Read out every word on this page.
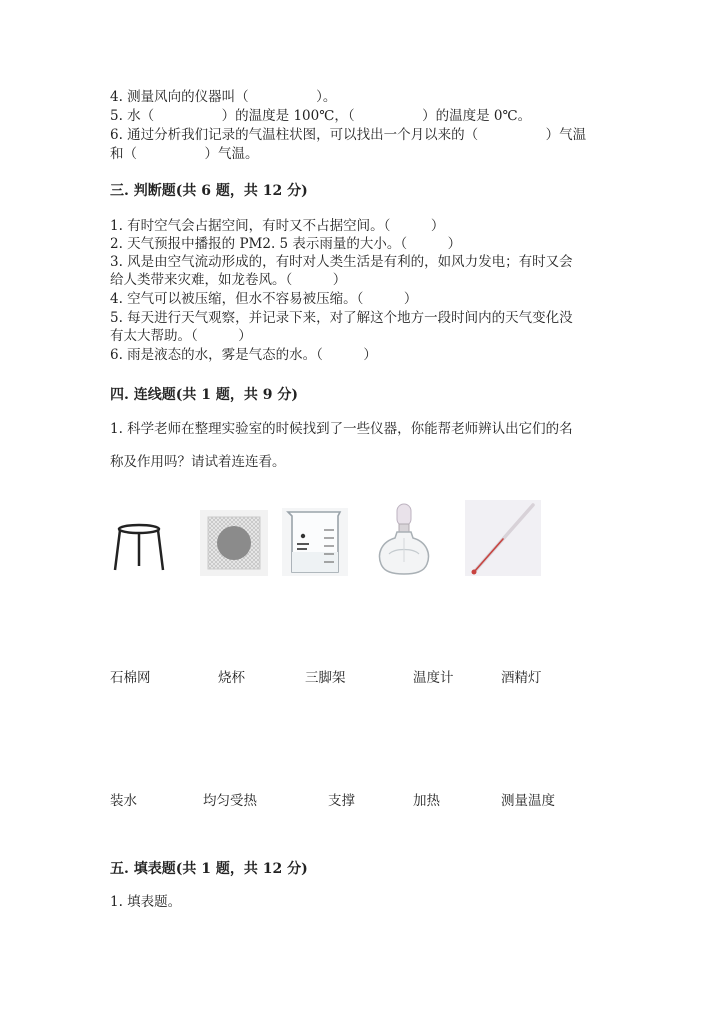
4. 测量风向的仪器叫（　　　　　）。
5. 水（　　　　　）的温度是 100℃，（　　　　　）的温度是 0℃。
6. 通过分析我们记录的气温柱状图，可以找出一个月以来的（　　　　　）气温
和（　　　　　）气温。
三. 判断题(共 6 题，共 12 分)
1. 有时空气会占据空间，有时又不占据空间。（　　　）
2. 天气预报中播报的 PM2. 5 表示雨量的大小。（　　　）
3. 风是由空气流动形成的，有时对人类生活是有利的，如风力发电；有时又会
给人类带来灾难，如龙卷风。（　　　）
4. 空气可以被压缩，但水不容易被压缩。（　　　）
5. 每天进行天气观察，并记录下来，对了解这个地方一段时间内的天气变化没
有太大帮助。（　　　）
6. 雨是液态的水，雾是气态的水。（　　　）
四. 连线题(共 1 题，共 9 分)
1. 科学老师在整理实验室的时候找到了一些仪器，你能帮老师辨认出它们的名
称及作用吗？请试着连连看。
石棉网	烧杯	三脚架	温度计	酒精灯
装水	均匀受热	支撑	加热	测量温度
五. 填表题(共 1 题，共 12 分)
1. 填表题。
